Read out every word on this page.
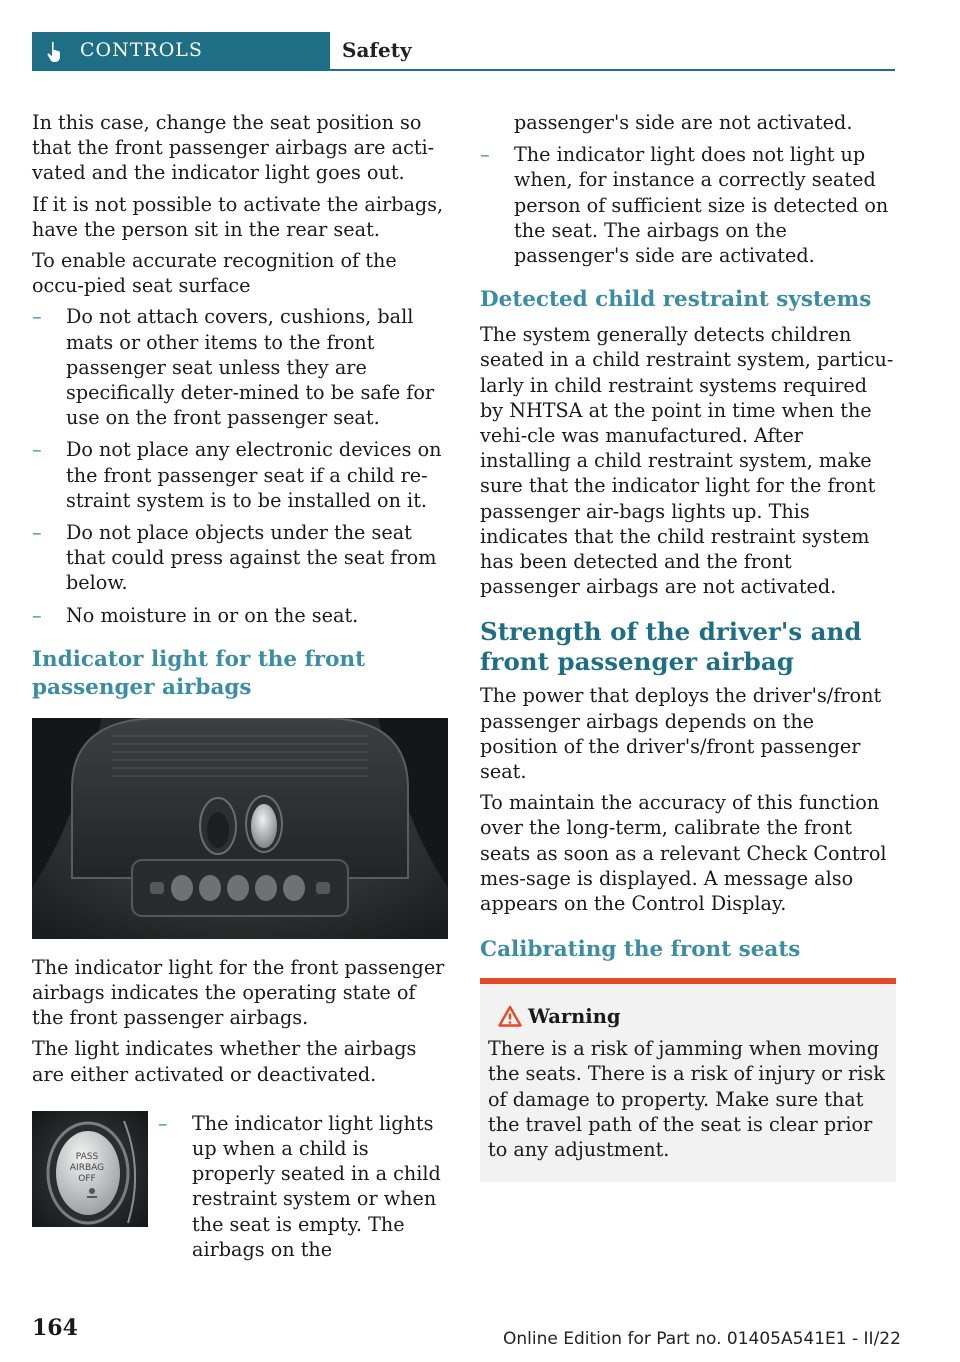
CONTROLS	Safety

In this case, change the seat position so that the front passenger airbags are acti-vated and the indicator light goes out.

If it is not possible to activate the airbags, have the person sit in the rear seat.

To enable accurate recognition of the occu-pied seat surface

– Do not attach covers, cushions, ball mats or other items to the front passenger seat unless they are specifically deter-mined to be safe for use on the front passenger seat.
– Do not place any electronic devices on the front passenger seat if a child re-straint system is to be installed on it.
– Do not place objects under the seat that could press against the seat from below.
– No moisture in or on the seat.
Indicator light for the front passenger airbags

The indicator light for the front passenger airbags indicates the operating state of the front passenger airbags.

The light indicates whether the airbags are either activated or deactivated.

PASS
AIRBAG
OFF
– The indicator light lights up when a child is properly seated in a child restraint system or when the seat is empty. The airbags on the

passenger's side are not activated.

– The indicator light does not light up when, for instance a correctly seated person of sufficient size is detected on the seat. The airbags on the passenger's side are activated.
Detected child restraint systems

The system generally detects children seated in a child restraint system, particu-larly in child restraint systems required by NHTSA at the point in time when the vehi-cle was manufactured. After installing a child restraint system, make sure that the indicator light for the front passenger air-bags lights up. This indicates that the child restraint system has been detected and the front passenger airbags are not activated.

Strength of the driver's and front passenger airbag

The power that deploys the driver's/front passenger airbags depends on the position of the driver's/front passenger seat.

To maintain the accuracy of this function over the long-term, calibrate the front seats as soon as a relevant Check Control mes-sage is displayed. A message also appears on the Control Display.

Calibrating the front seats
Warning

There is a risk of jamming when moving the seats. There is a risk of injury or risk of damage to property. Make sure that the travel path of the seat is clear prior to any adjustment.

164	Online Edition for Part no. 01405A541E1 - II/22
